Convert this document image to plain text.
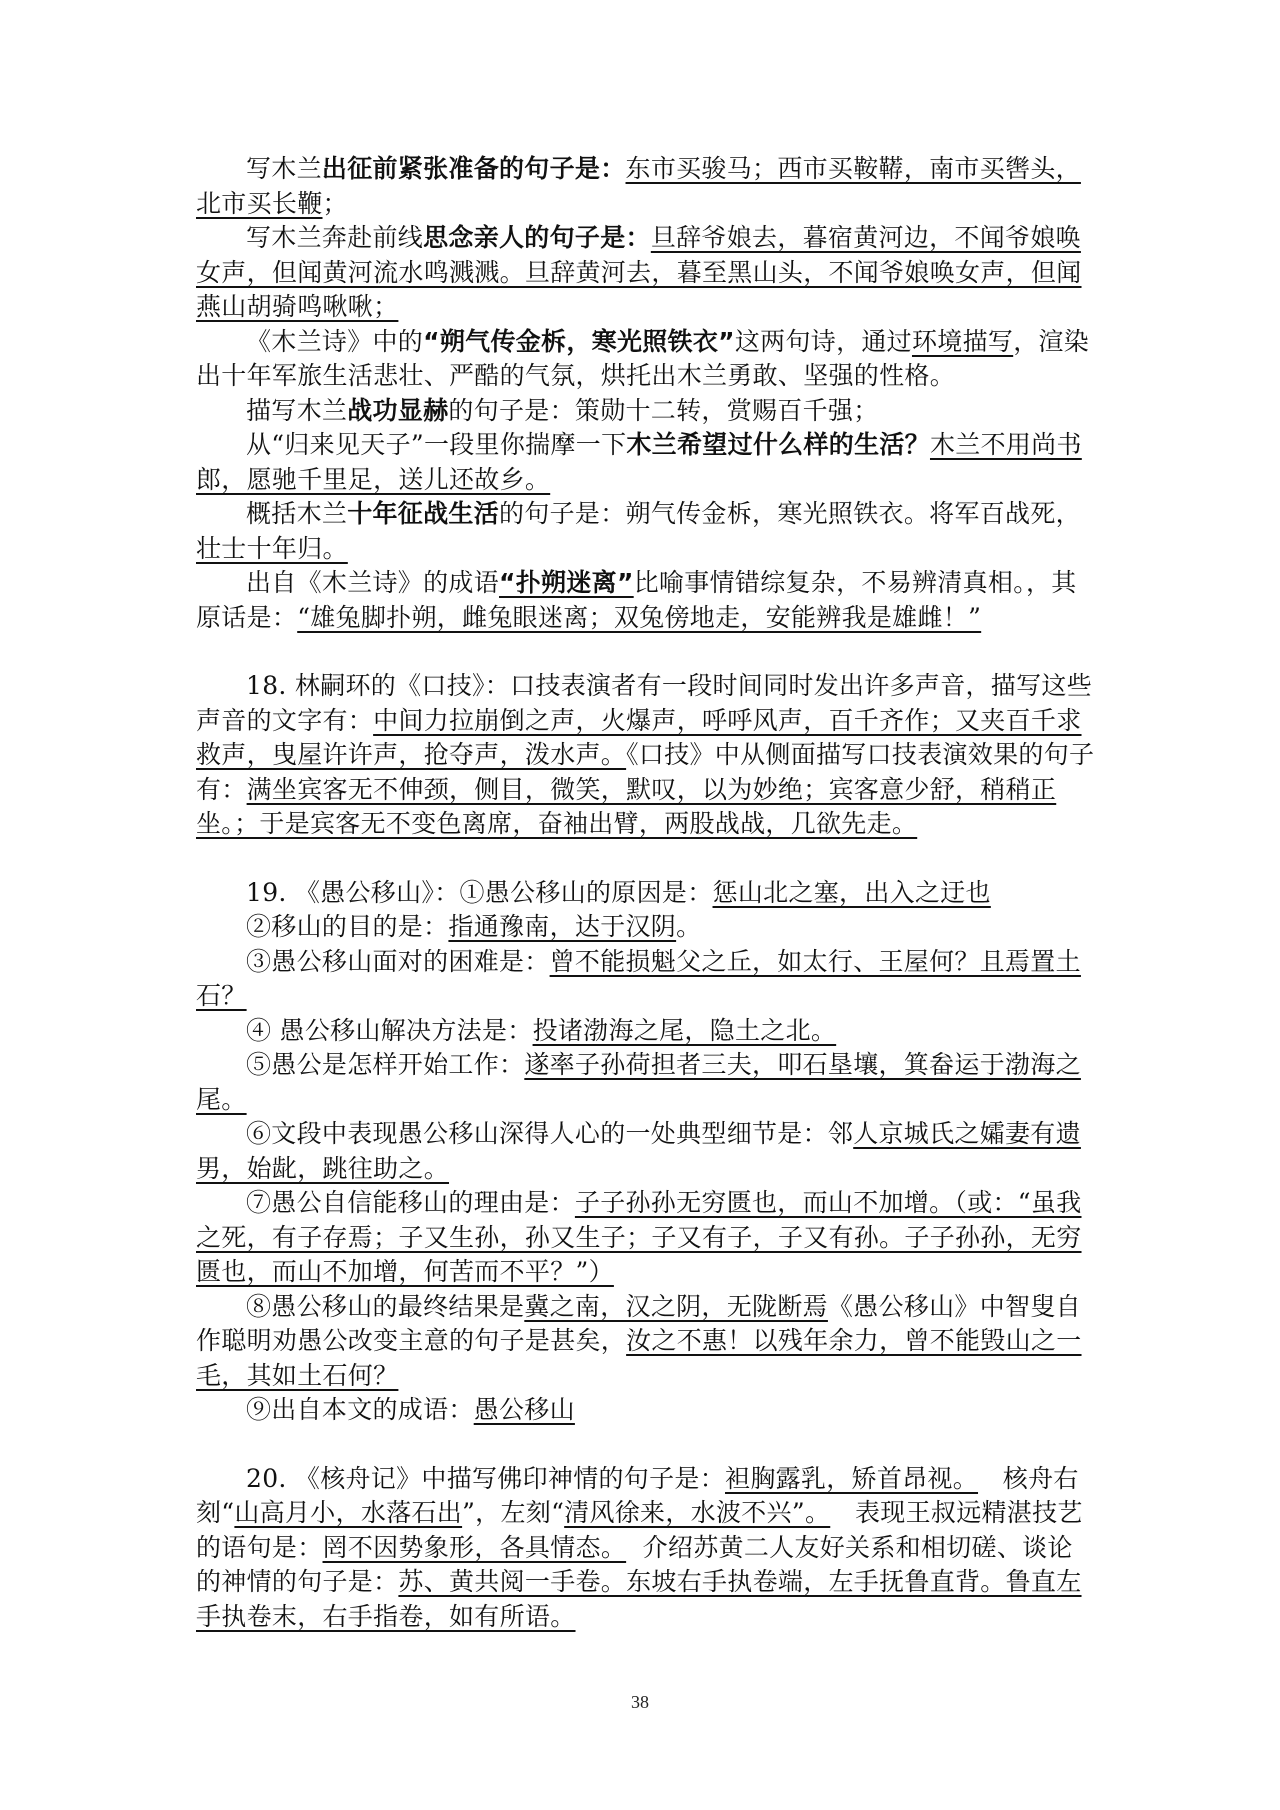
写木兰出征前紧张准备的句子是：东市买骏马；西市买鞍鞯，南市买辔头，北市买长鞭；

写木兰奔赴前线思念亲人的句子是：旦辞爷娘去，暮宿黄河边，不闻爷娘唤女声，但闻黄河流水鸣溅溅。旦辞黄河去，暮至黑山头，不闻爷娘唤女声，但闻燕山胡骑鸣啾啾；

《木兰诗》中的“朔气传金柝，寒光照铁衣”这两句诗，通过环境描写，渲染出十年军旅生活悲壮、严酷的气氛，烘托出木兰勇敢、坚强的性格。

描写木兰战功显赫的句子是：策勋十二转，赏赐百千强；

从“归来见天子”一段里你揣摩一下木兰希望过什么样的生活？木兰不用尚书郎，愿驰千里足，送儿还故乡。

概括木兰十年征战生活的句子是：朔气传金柝，寒光照铁衣。将军百战死，壮士十年归。

出自《木兰诗》的成语“扑朔迷离”比喻事情错综复杂，不易辨清真相。，其原话是：“雄兔脚扑朔，雌兔眼迷离；双兔傍地走，安能辨我是雄雌！”

18. 林嗣环的《口技》：口技表演者有一段时间同时发出许多声音，描写这些声音的文字有：中间力拉崩倒之声，火爆声，呼呼风声，百千齐作；又夹百千求救声，曳屋许许声，抢夺声，泼水声。《口技》中从侧面描写口技表演效果的句子有：满坐宾客无不伸颈，侧目，微笑，默叹，以为妙绝；宾客意少舒，稍稍正坐。；于是宾客无不变色离席，奋袖出臂，两股战战，几欲先走。

19. 《愚公移山》：①愚公移山的原因是：惩山北之塞，出入之迂也

②移山的目的是：指通豫南，达于汉阴。

③愚公移山面对的困难是：曾不能损魁父之丘，如太行、王屋何？且焉置土石？

④ 愚公移山解决方法是：投诸渤海之尾，隐土之北。

⑤愚公是怎样开始工作：遂率子孙荷担者三夫，叩石垦壤，箕畚运于渤海之尾。

⑥文段中表现愚公移山深得人心的一处典型细节是：邻人京城氏之孀妻有遗男，始龀，跳往助之。

⑦愚公自信能移山的理由是：子子孙孙无穷匮也，而山不加增。（或：“虽我之死，有子存焉；子又生孙，孙又生子；子又有子，子又有孙。子子孙孙，无穷匮也，而山不加增，何苦而不平？”）

⑧愚公移山的最终结果是冀之南，汉之阴，无陇断焉《愚公移山》中智叟自作聪明劝愚公改变主意的句子是甚矣，汝之不惠！以残年余力，曾不能毁山之一毛，其如土石何？

⑨出自本文的成语：愚公移山

20. 《核舟记》中描写佛印神情的句子是：袒胸露乳，矫首昂视。 核舟右刻“山高月小，水落石出”，左刻“清风徐来，水波不兴”。 表现王叔远精湛技艺的语句是：罔不因势象形，各具情态。 介绍苏黄二人友好关系和相切磋、谈论的神情的句子是：苏、黄共阅一手卷。东坡右手执卷端，左手抚鲁直背。鲁直左手执卷末，右手指卷，如有所语。

38
